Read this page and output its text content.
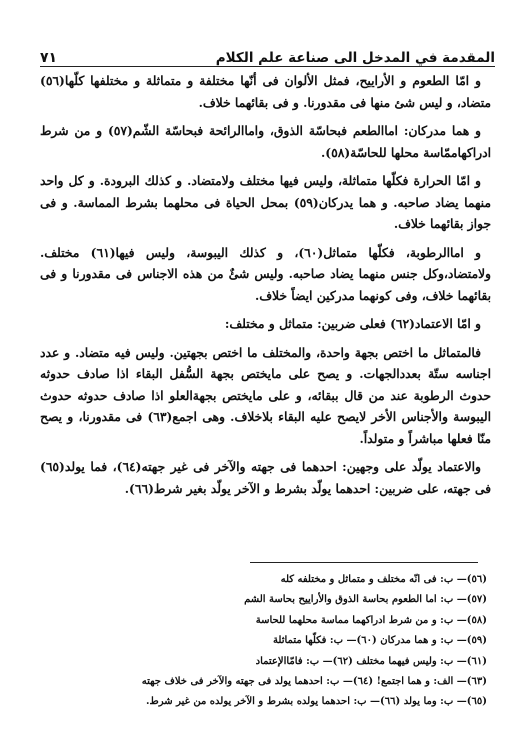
المقدمة في المدخل الى صناعة علم الكلام
٧١

و امّا الطعوم و الأراييح، فمثل الألوان فى أنّها مختلفة و متماثلة و مختلفها كلّها(٥٦) متضاد، و ليس شئ منها فى مقدورنا. و فى بقائهما خلاف.

و هما مدركان: اماالطعم فبحاسّة الذوق، واماالرائحة فبحاسّة الشّم(٥٧) و من شرط ادراكهاممّاسة محلها للحاسّة(٥٨).

و امّا الحرارة فكلّها متماثلة، وليس فيها مختلف ولامتضاد. و كذلك البرودة. و كل واحد منهما يضاد صاحبه. و هما يدركان(٥٩) بمحل الحياة فى محلهما بشرط المماسة. و فى جواز بقائهما خلاف.

و اماالرطوبة، فكلّها متماثل(٦٠)، و كذلك اليبوسة، وليس فيها(٦١) مختلف. ولامتضاد،وكل جنس منهما يضاد صاحبه. وليس شئٌ من هذه الاجناس فى مقدورنا و فى بقائهما خلاف، وفى كونهما مدركين ايضاً خلاف.

و امّا الاعتماد(٦٢) فعلى ضربين: متماثل و مختلف:

فالمتماثل ما اختص بجهة واحدة، والمختلف ما اختص بجهتين. وليس فيه متضاد. و عدد اجناسه ستّة بعددالجهات. و يصح على مايختص بجهة السُّفل البقاء اذا صادف حدوثه حدوث الرطوبة عند من قال ببقائه، و على مايختص بجهةالعلو اذا صادف حدوثه حدوث اليبوسة والأجناس الأخر لايصح عليه البقاء بلاخلاف. وهى اجمع(٦٣) فى مقدورنا، و يصح منّا فعلها مباشراً و متولداً.

والاعتماد يولّد على وجهين: احدهما فى جهته والآخر فى غير جهته(٦٤)، فما يولد(٦٥) فى جهته، على ضربين: احدهما يولّد بشرط و الآخر يولّد بغير شرط(٦٦).

(٥٦)— ب: فى انّه مختلف و متماثل و مختلفه كله
(٥٧)— ب: اما الطعوم بحاسة الذوق والأراييح بحاسة الشم
(٥٨)— ب: و من شرط ادراكهما مماسة محلهما للحاسة
(٥٩)— ب: و هما مدركان (٦٠)— ب: فكلّها متماثلة
(٦١)— ب: وليس فيهما مختلف (٦٢)— ب: فامّاالإعتماد
(٦٣)— الف: و هما اجتمع! (٦٤)— ب: احدهما يولد فى جهته والآخر فى خلاف جهته
(٦٥)— ب: وما يولد (٦٦)— ب: احدهما يولده بشرط و الآخر يولده من غير شرط.
